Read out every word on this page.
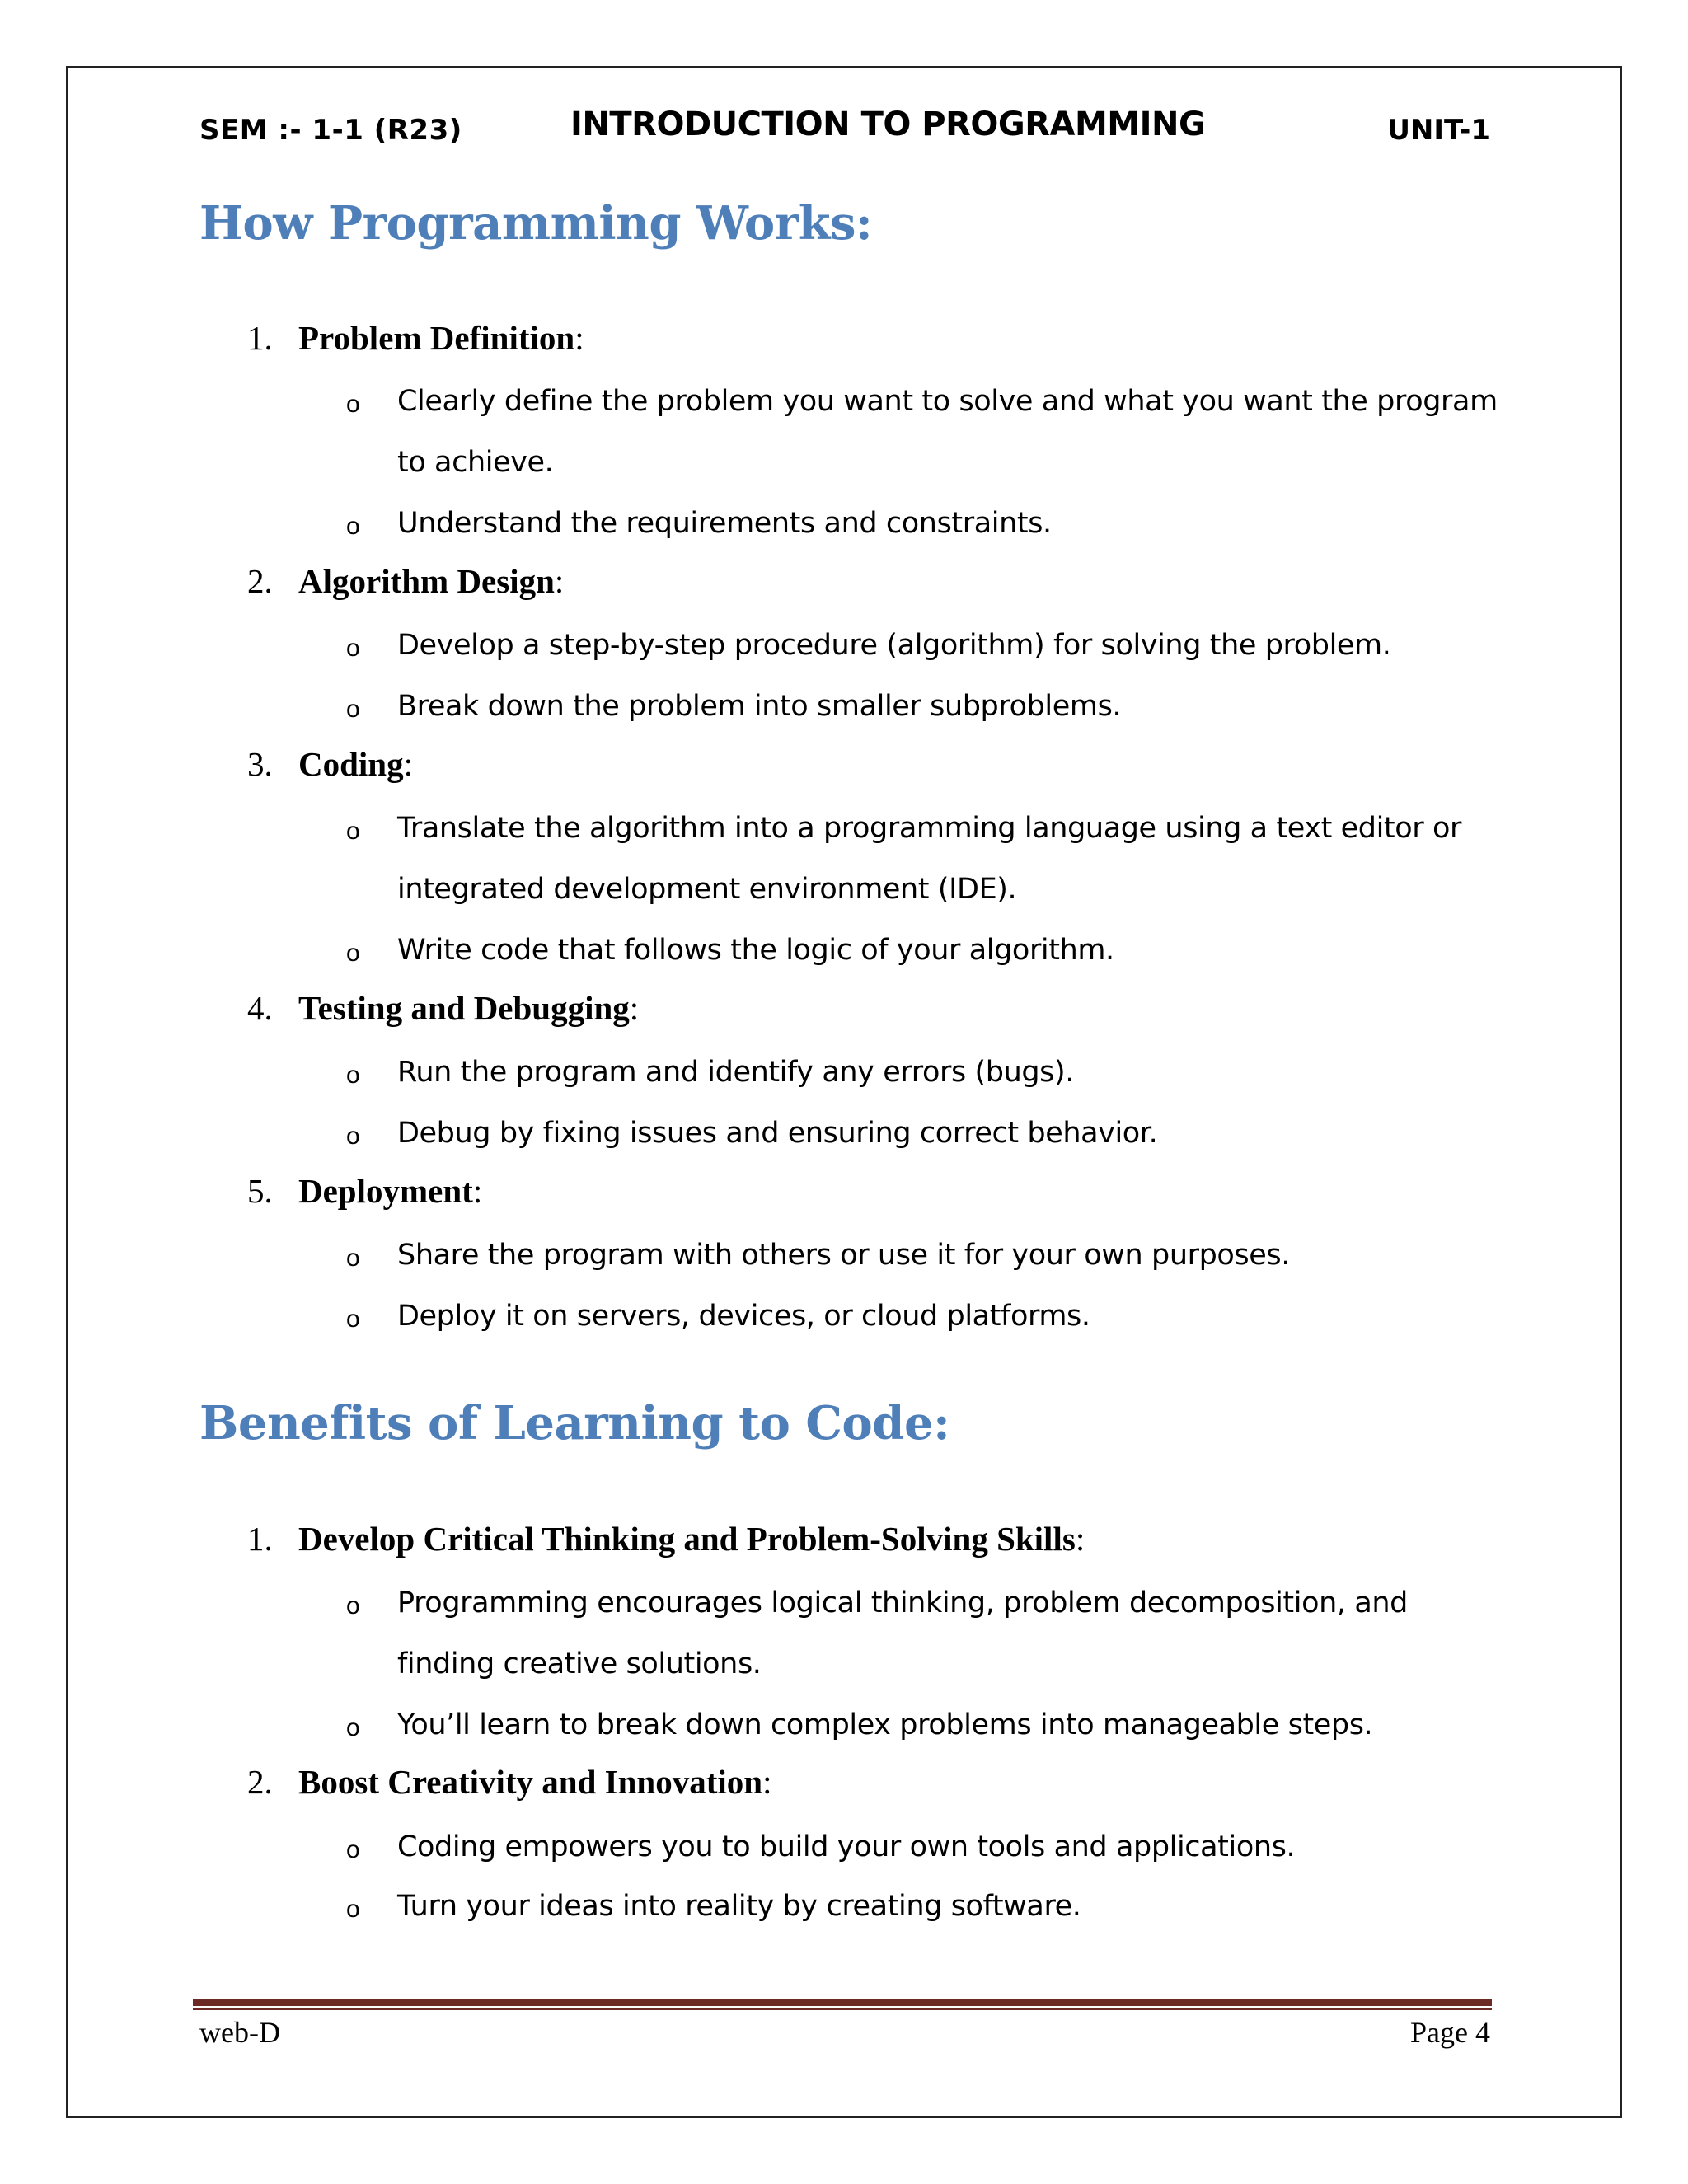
SEM :- 1-1 (R23)	INTRODUCTION TO PROGRAMMING	UNIT-1
How Programming Works:
1. Problem Definition:
o Clearly define the problem you want to solve and what you want the program to achieve.
o Understand the requirements and constraints.
2. Algorithm Design:
o Develop a step-by-step procedure (algorithm) for solving the problem.
o Break down the problem into smaller subproblems.
3. Coding:
o Translate the algorithm into a programming language using a text editor or integrated development environment (IDE).
o Write code that follows the logic of your algorithm.
4. Testing and Debugging:
o Run the program and identify any errors (bugs).
o Debug by fixing issues and ensuring correct behavior.
5. Deployment:
o Share the program with others or use it for your own purposes.
o Deploy it on servers, devices, or cloud platforms.
Benefits of Learning to Code:
1. Develop Critical Thinking and Problem-Solving Skills:
o Programming encourages logical thinking, problem decomposition, and finding creative solutions.
o You’ll learn to break down complex problems into manageable steps.
2. Boost Creativity and Innovation:
o Coding empowers you to build your own tools and applications.
o Turn your ideas into reality by creating software.
web-D	Page 4
